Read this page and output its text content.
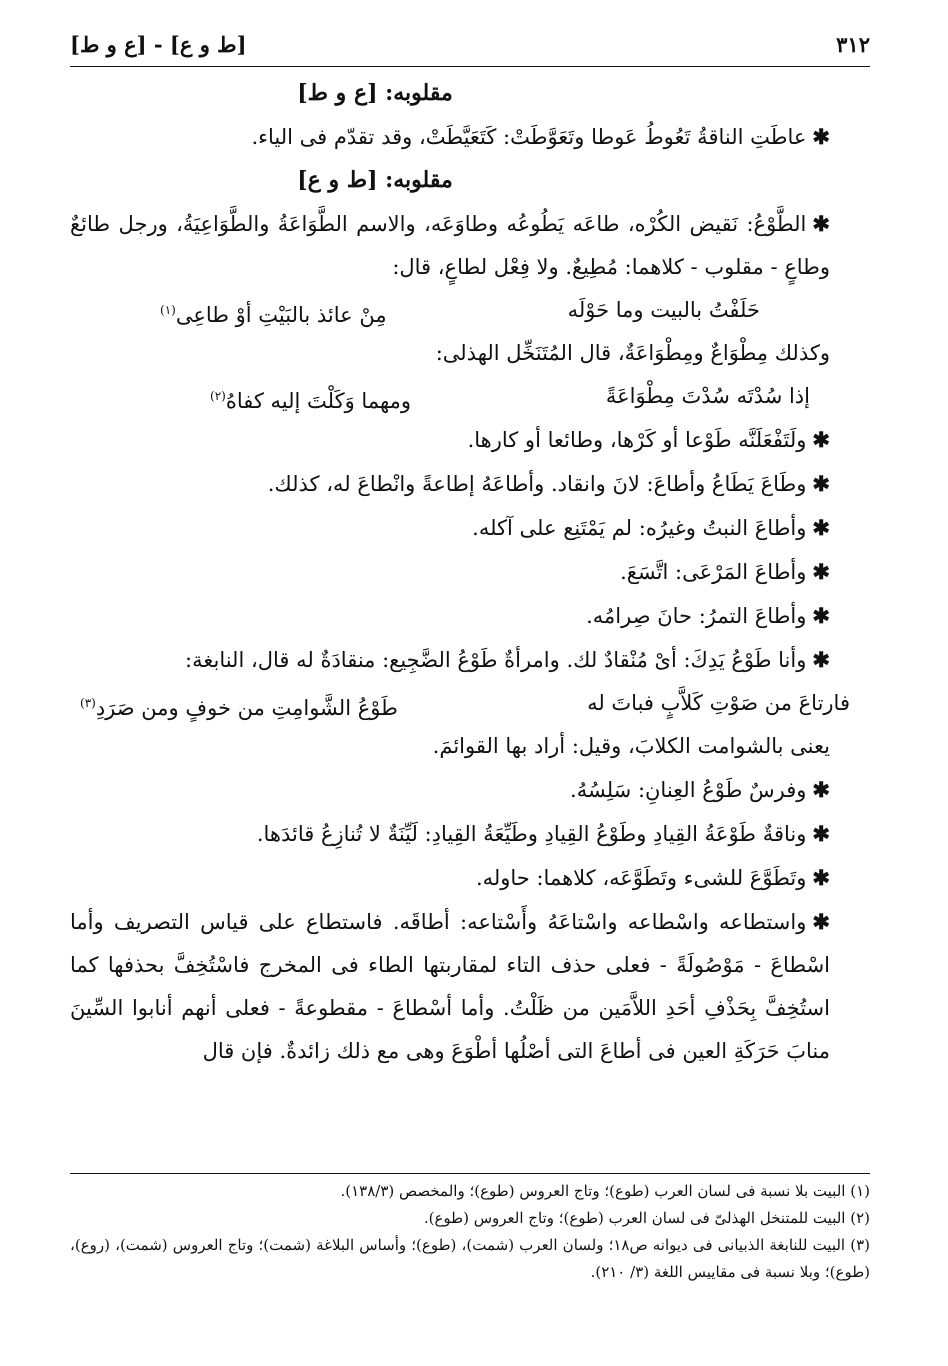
٣١٢
[ع و ط] - [ط و ع]

مقلوبه: [ع و ط]

✱عاطَتِ الناقةُ تَعُوطُ عَوطا وتَعَوَّطَتْ: كَتَعَيَّطَتْ، وقد تقدّم فى الياء.

مقلوبه: [ط و ع]

✱الطَّوْعُ: نَقيض الكُرْه، طاعَه يَطُوعُه وطاوَعَه، والاسم الطَّوَاعَةُ والطَّوَاعِيَةُ، ورجل طائعٌ وطاعٍ - مقلوب - كلاهما: مُطِيعٌ. ولا فِعْل لطاعٍ، قال:

حَلَفْتُ بالبيت وما حَوْلَه
مِنْ عائذ بالبَيْتِ أوْ طاعِى$^{(١)}$

وكذلك مِطْوَاعٌ ومِطْوَاعَةٌ، قال المُتَنَخِّل الهذلى:

إذا سُدْتَه سُدْتَ مِطْوَاعَةً
ومهما وَكَلْتَ إليه كفاهُ$^{(٢)}$

✱ولَتَفْعَلَنَّه طَوْعا أو كَرْها، وطائعا أو كارها.

✱وطَاعَ يَطَاعُ وأطاعَ: لانَ وانقاد. وأطاعَهُ إطاعةً وانْطاعَ له، كذلك.

✱وأطاعَ النبتُ وغيرُه: لم يَمْتَنِع على آكله.

✱وأطاعَ المَرْعَى: اتَّسَعَ.

✱وأطاعَ التمرُ: حانَ صِرامُه.

✱وأنا طَوْعُ يَدِكَ: أىْ مُنْقادٌ لك. وامرأةٌ طَوْعُ الضَّجِيع: منقادَةٌ له قال، النابغة:

فارتاعَ من صَوْتِ كَلاَّبٍ فباتَ له
طَوْعُ الشَّوامِتِ من خوفٍ ومن صَرَدِ$^{(٣)}$

يعنى بالشوامت الكلابَ، وقيل: أراد بها القوائمَ.

✱وفرسٌ طَوْعُ العِنانِ: سَلِسُهُ.

✱وناقةٌ طَوْعَةُ القِيادِ وطَوْعُ القِيادِ وطَيِّعَةُ القِيادِ: لَيِّنَةٌ لا تُنازِعُ قائدَها.

✱وتَطَوَّعَ للشىء وتَطَوَّعَه، كلاهما: حاوله.

✱واستطاعه واسْطاعه واسْتاعَهُ وأَسْتاعه: أطاقَه. فاستطاع على قياس التصريف وأما اسْطاعَ - مَوْصُولَةً - فعلى حذف التاء لمقاربتها الطاء فى المخرج فاسْتُخِفَّ بحذفها كما استُخِفَّ بِحَذْفِ أحَدِ اللاَّمَين من ظَلْتُ. وأما أسْطاعَ - مقطوعةً - فعلى أنهم أنابوا السِّينَ منابَ حَرَكَةِ العين فى أطاعَ التى أصْلُها أطْوَعَ وهى مع ذلك زائدةٌ. فإن قال

(١) البيت بلا نسبة فى لسان العرب (طوع)؛ وتاج العروس (طوع)؛ والمخصص (١٣٨/٣).

(٢) البيت للمتنخل الهذلىّ فى لسان العرب (طوع)؛ وتاج العروس (طوع).

(٣) البيت للنابغة الذبيانى فى ديوانه ص١٨؛ ولسان العرب (شمت)، (طوع)؛ وأساس البلاغة (شمت)؛ وتاج العروس (شمت)، (روع)، (طوع)؛ وبلا نسبة فى مقاييس اللغة (٣/ ٢١٠).
